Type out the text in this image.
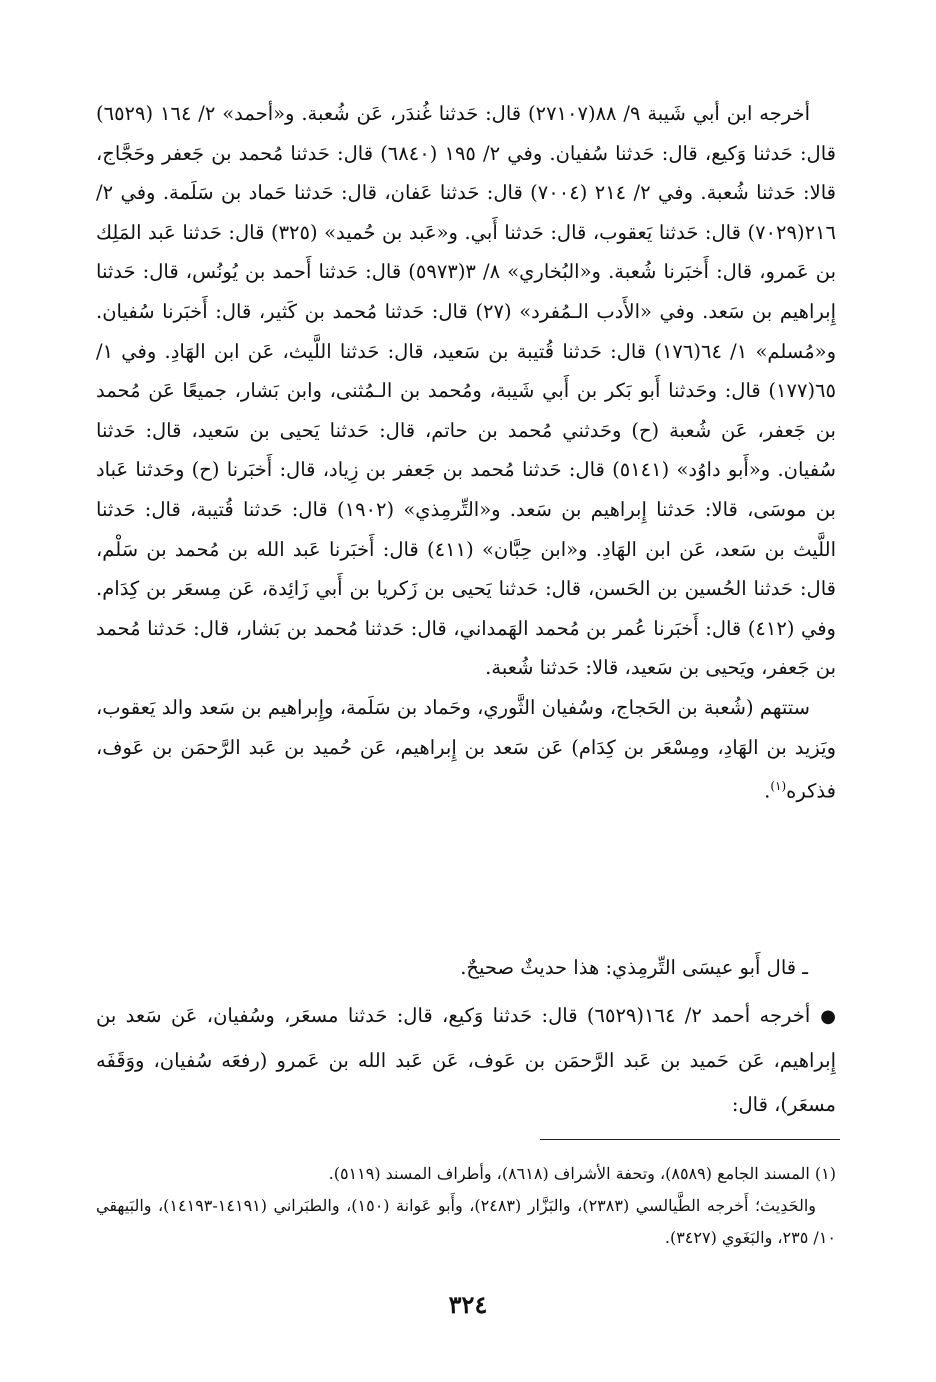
أخرجه ابن أبي شَيبة ٩/ ٨٨(٢٧١٠٧) قال: حَدثنا غُندَر، عَن شُعبة. و«أحمد» ٢/ ١٦٤ (٦٥٢٩) قال: حَدثنا وَكيع، قال: حَدثنا سُفيان. وفي ٢/ ١٩٥ (٦٨٤٠) قال: حَدثنا مُحمد بن جَعفر وحَجَّاج، قالا: حَدثنا شُعبة. وفي ٢/ ٢١٤ (٧٠٠٤) قال: حَدثنا عَفان، قال: حَدثنا حَماد بن سَلَمة. وفي ٢/ ٢١٦(٧٠٢٩) قال: حَدثنا يَعقوب، قال: حَدثنا أَبي. و«عَبد بن حُميد» (٣٢٥) قال: حَدثنا عَبد المَلِك بن عَمرو، قال: أَخبَرنا شُعبة. و«البُخاري» ٨/ ٣(٥٩٧٣) قال: حَدثنا أَحمد بن يُونُس، قال: حَدثنا إِبراهيم بن سَعد. وفي «الأَدب الـمُفرد» (٢٧) قال: حَدثنا مُحمد بن كَثير، قال: أَخبَرنا سُفيان. و«مُسلم» ١/ ٦٤(١٧٦) قال: حَدثنا قُتيبة بن سَعيد، قال: حَدثنا اللَّيث، عَن ابن الهَادِ. وفي ١/ ٦٥(١٧٧) قال: وحَدثنا أَبو بَكر بن أَبي شَيبة، ومُحمد بن الـمُثنى، وابن بَشار، جميعًا عَن مُحمد بن جَعفر، عَن شُعبة (ح) وحَدثني مُحمد بن حاتم، قال: حَدثنا يَحيى بن سَعيد، قال: حَدثنا سُفيان. و«أَبو داوُد» (٥١٤١) قال: حَدثنا مُحمد بن جَعفر بن زِياد، قال: أَخبَرنا (ح) وحَدثنا عَباد بن موسَى، قالا: حَدثنا إِبراهيم بن سَعد. و«التِّرمِذي» (١٩٠٢) قال: حَدثنا قُتيبة، قال: حَدثنا اللَّيث بن سَعد، عَن ابن الهَادِ. و«ابن حِبَّان» (٤١١) قال: أَخبَرنا عَبد الله بن مُحمد بن سَلْم، قال: حَدثنا الحُسين بن الحَسن، قال: حَدثنا يَحيى بن زَكريا بن أَبي زَائِدة، عَن مِسعَر بن كِدَام. وفي (٤١٢) قال: أَخبَرنا عُمر بن مُحمد الهَمداني، قال: حَدثنا مُحمد بن بَشار، قال: حَدثنا مُحمد بن جَعفر، ويَحيى بن سَعيد، قالا: حَدثنا شُعبة.

ستتهم (شُعبة بن الحَجاج، وسُفيان الثَّوري، وحَماد بن سَلَمة، وإِبراهيم بن سَعد والد يَعقوب، ويَزيد بن الهَادِ، ومِسْعَر بن كِدَام) عَن سَعد بن إِبراهيم، عَن حُميد بن عَبد الرَّحمَن بن عَوف، فذكره$^{(١)}$.

ـ قال أَبو عيسَى التِّرمِذي: هذا حديثٌ صحيحٌ.
●أخرجه أحمد ٢/ ١٦٤(٦٥٢٩) قال: حَدثنا وَكيع، قال: حَدثنا مسعَر، وسُفيان، عَن سَعد بن إِبراهيم، عَن حَميد بن عَبد الرَّحمَن بن عَوف، عَن عَبد الله بن عَمرو (رفعَه سُفيان، ووَقَفَه مسعَر)، قال:

(١) المسند الجامع (٨٥٨٩)، وتحفة الأشراف (٨٦١٨)، وأطراف المسند (٥١١٩).

والحَدِيث؛ أَخرجه الطَّيالسي (٢٣٨٣)، والبَزَّار (٢٤٨٣)، وأَبو عَوانة (١٥٠)، والطبَراني (١٤١٩١-١٤١٩٣)، والبَيهقي ١٠/ ٢٣٥، والبَغَوي (٣٤٢٧).

٣٢٤
